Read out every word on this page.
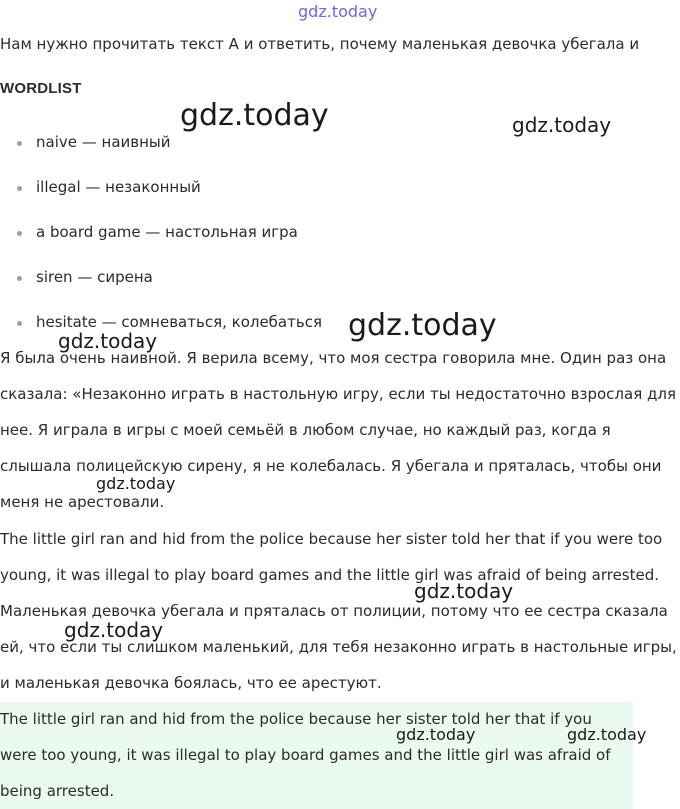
gdz.today
Нам нужно прочитать текст A и ответить, почему маленькая девочка убегала и
WORDLIST
naive — наивный
illegal — незаконный
a board game — настольная игра
siren — сирена
hesitate — сомневаться, колебаться

Я была очень наивной. Я верила всему, что моя сестра говорила мне. Один раз она сказала: «Незаконно играть в настольную игру, если ты недостаточно взрослая для нее. Я играла в игры с моей семьёй в любом случае, но каждый раз, когда я слышала полицейскую сирену, я не колебалась. Я убегала и пряталась, чтобы они меня не арестовали.

The little girl ran and hid from the police because her sister told her that if you were too young, it was illegal to play board games and the little girl was afraid of being arrested.

Маленькая девочка убегала и пряталась от полиции, потому что ее сестра сказала ей, что если ты слишком маленький, для тебя незаконно играть в настольные игры, и маленькая девочка боялась, что ее арестуют.

The little girl ran and hid from the police because her sister told her that if you were too young, it was illegal to play board games and the little girl was afraid of being arrested.

gdz.today	gdz.today
gdz.today
gdz.today
gdz.today
gdz.today
gdz.today
gdz.today	gdz.today
